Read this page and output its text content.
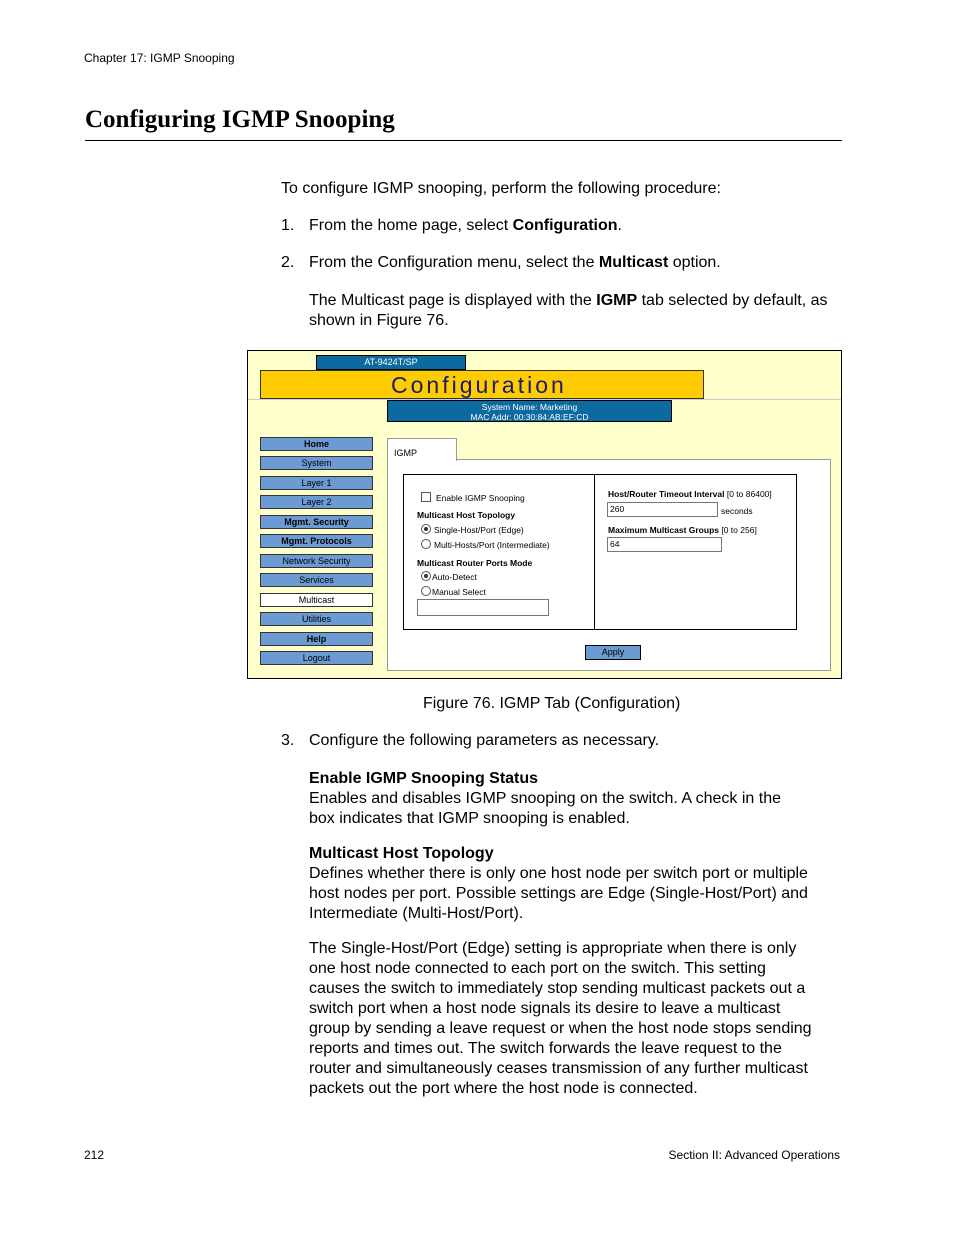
Chapter 17: IGMP Snooping
Configuring IGMP Snooping

To configure IGMP snooping, perform the following procedure:

1. From the home page, select Configuration.

2. From the Configuration menu, select the Multicast option.

The Multicast page is displayed with the IGMP tab selected by default, as shown in Figure 76.

AT-9424T/SP
Configuration
System Name: Marketing
MAC Addr: 00:30:84:AB:EF:CD
Home
System
Layer 1
Layer 2
Mgmt. Security
Mgmt. Protocols
Network Security
Services
Multicast
Utilities
Help
Logout
IGMP
Enable IGMP Snooping
Multicast Host Topology
Single-Host/Port (Edge)
Multi-Hosts/Port (Intermediate)
Multicast Router Ports Mode
Auto-Detect
Manual Select
Host/Router Timeout Interval [0 to 86400]
260	seconds
Maximum Multicast Groups [0 to 256]
64
Apply

Figure 76. IGMP Tab (Configuration)

3. Configure the following parameters as necessary.

Enable IGMP Snooping Status
Enables and disables IGMP snooping on the switch. A check in the
box indicates that IGMP snooping is enabled.
Multicast Host Topology
Defines whether there is only one host node per switch port or multiple
host nodes per port. Possible settings are Edge (Single-Host/Port) and
Intermediate (Multi-Host/Port).
The Single-Host/Port (Edge) setting is appropriate when there is only
one host node connected to each port on the switch. This setting
causes the switch to immediately stop sending multicast packets out a
switch port when a host node signals its desire to leave a multicast
group by sending a leave request or when the host node stops sending
reports and times out. The switch forwards the leave request to the
router and simultaneously ceases transmission of any further multicast
packets out the port where the host node is connected.
212	Section II: Advanced Operations
